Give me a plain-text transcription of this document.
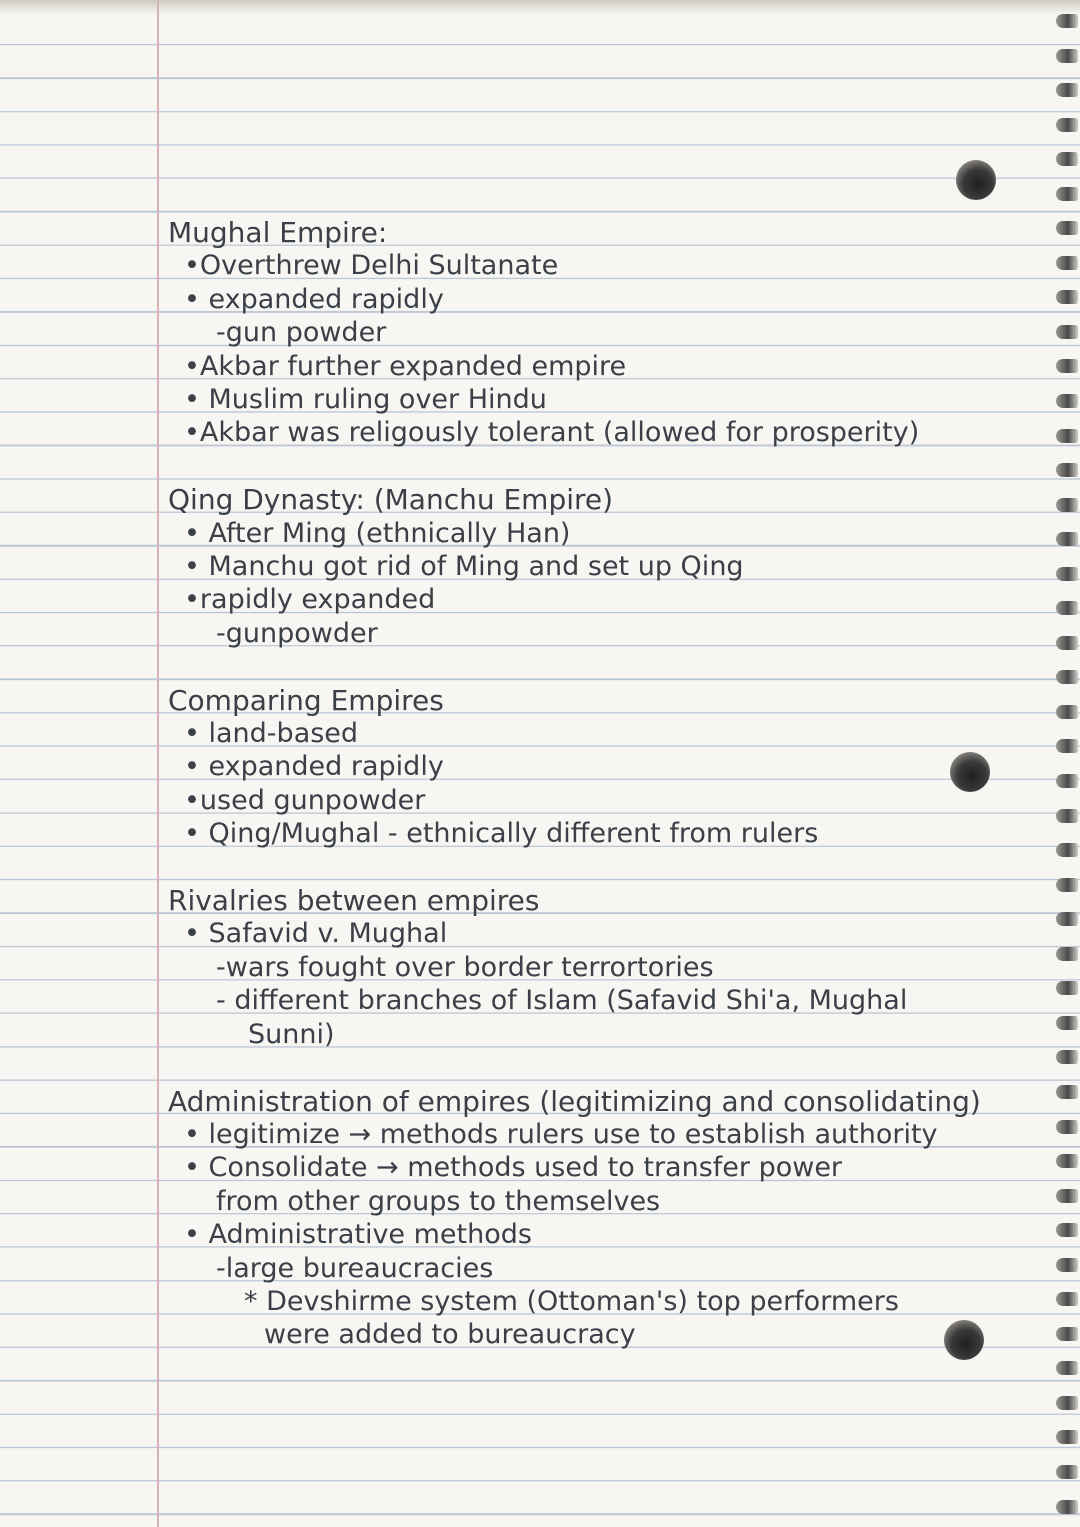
Mughal Empire:

•Overthrew Delhi Sultanate

• expanded rapidly

-gun powder

•Akbar further expanded empire

• Muslim ruling over Hindu

•Akbar was religously tolerant (allowed for prosperity)

Qing Dynasty: (Manchu Empire)

• After Ming (ethnically Han)

• Manchu got rid of Ming and set up Qing

•rapidly expanded

-gunpowder

Comparing Empires

• land-based

• expanded rapidly

•used gunpowder

• Qing/Mughal - ethnically different from rulers

Rivalries between empires

• Safavid v. Mughal

-wars fought over border terrortories

- different branches of Islam (Safavid Shi'a, Mughal

Sunni)

Administration of empires (legitimizing and consolidating)

• legitimize → methods rulers use to establish authority

• Consolidate → methods used to transfer power

from other groups to themselves

• Administrative methods

-large bureaucracies

* Devshirme system (Ottoman's) top performers

were added to bureaucracy
